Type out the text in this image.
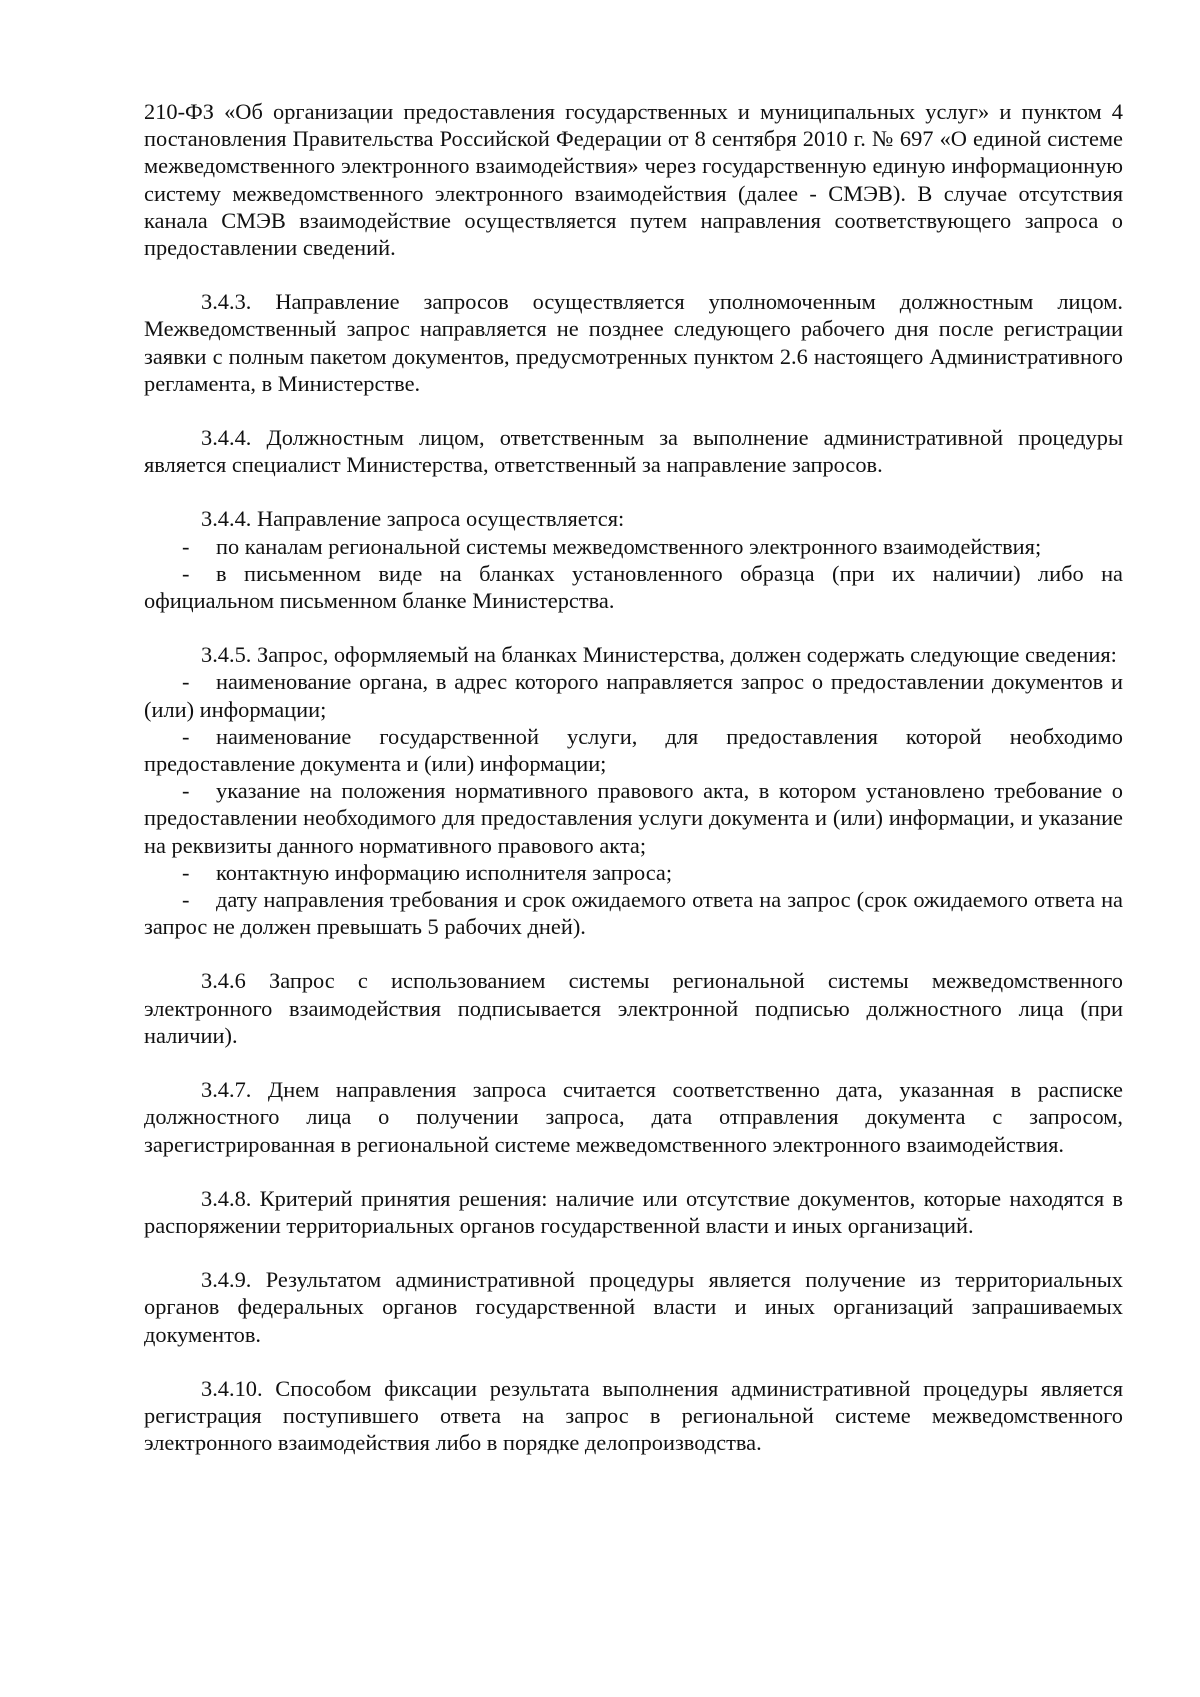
210-ФЗ «Об организации предоставления государственных и муниципальных услуг» и пунктом 4 постановления Правительства Российской Федерации от 8 сентября 2010 г. № 697 «О единой системе межведомственного электронного взаимодействия» через государственную единую информационную систему межведомственного электронного взаимодействия (далее - СМЭВ). В случае отсутствия канала СМЭВ взаимодействие осуществляется путем направления соответствующего запроса о предоставлении сведений.

3.4.3. Направление запросов осуществляется уполномоченным должностным лицом. Межведомственный запрос направляется не позднее следующего рабочего дня после регистрации заявки с полным пакетом документов, предусмотренных пунктом 2.6 настоящего Административного регламента, в Министерстве.

3.4.4. Должностным лицом, ответственным за выполнение административной процедуры является специалист Министерства, ответственный за направление запросов.

3.4.4. Направление запроса осуществляется:

- по каналам региональной системы межведомственного электронного взаимодействия;
- в письменном виде на бланках установленного образца (при их наличии) либо на официальном письменном бланке Министерства.

3.4.5. Запрос, оформляемый на бланках Министерства, должен содержать следующие сведения:

- наименование органа, в адрес которого направляется запрос о предоставлении документов и (или) информации;
- наименование государственной услуги, для предоставления которой необходимо предоставление документа и (или) информации;
- указание на положения нормативного правового акта, в котором установлено требование о предоставлении необходимого для предоставления услуги документа и (или) информации, и указание на реквизиты данного нормативного правового акта;
- контактную информацию исполнителя запроса;
- дату направления требования и срок ожидаемого ответа на запрос (срок ожидаемого ответа на запрос не должен превышать 5 рабочих дней).

3.4.6 Запрос с использованием системы региональной системы межведомственного электронного взаимодействия подписывается электронной подписью должностного лица (при наличии).

3.4.7. Днем направления запроса считается соответственно дата, указанная в расписке должностного лица о получении запроса, дата отправления документа с запросом, зарегистрированная в региональной системе межведомственного электронного взаимодействия.

3.4.8. Критерий принятия решения: наличие или отсутствие документов, которые находятся в распоряжении территориальных органов государственной власти и иных организаций.

3.4.9. Результатом административной процедуры является получение из территориальных органов федеральных органов государственной власти и иных организаций запрашиваемых документов.

3.4.10. Способом фиксации результата выполнения административной процедуры является регистрация поступившего ответа на запрос в региональной системе межведомственного электронного взаимодействия либо в порядке делопроизводства.
